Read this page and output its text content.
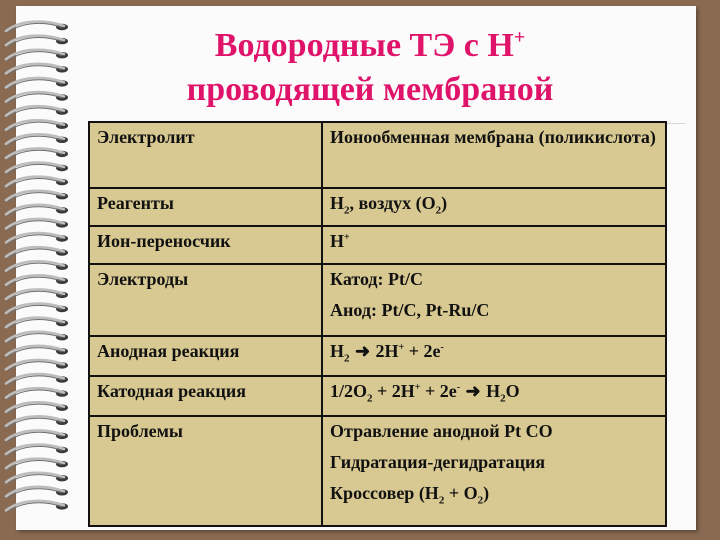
Водородные ТЭ с Н+
проводящей мембраной
Электролит	Ионообменная мембрана (поликислота)
Реагенты	$Н_2$, воздух $(О_2)$
Ион-переносчик	Н+
Электроды	Катод: Pt/C

Анод: Pt/C, Pt-Ru/C

Анодная реакция	$Н_2$ ➜ 2Н+ + 2е-
Катодная реакция	$1/2О_2 + 2Н^+ + 2е^-$ ➜ $Н_2О$
Проблемы	Отравление анодной Pt CO

Гидратация-дегидратация

Кроссовер $(Н_2 + О_2)$
